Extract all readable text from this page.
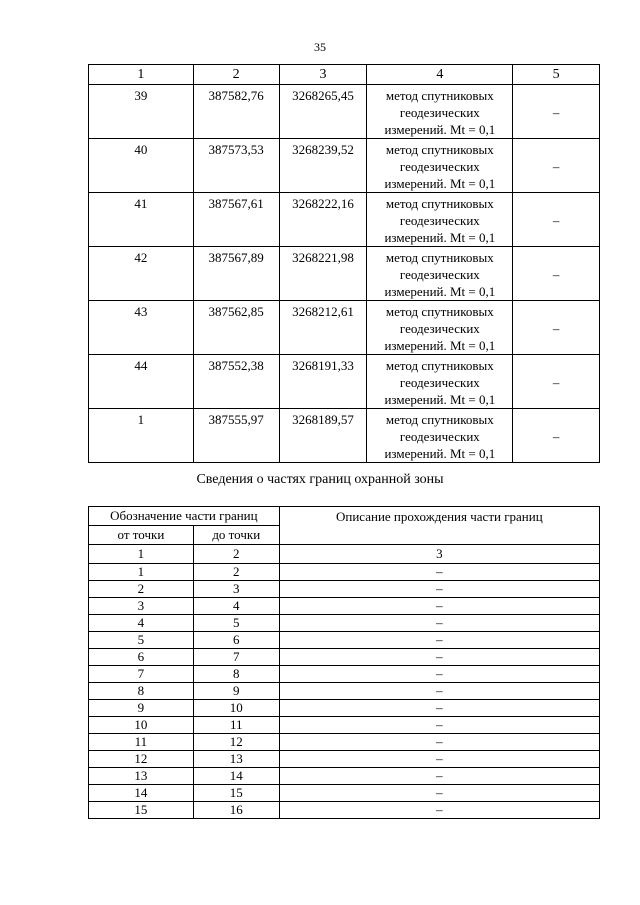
35
1	2	3	4	5
39	387582,76	3268265,45	метод спутниковых
геодезических
измерений. Mt = 0,1	–
40	387573,53	3268239,52	метод спутниковых
геодезических
измерений. Mt = 0,1	–
41	387567,61	3268222,16	метод спутниковых
геодезических
измерений. Mt = 0,1	–
42	387567,89	3268221,98	метод спутниковых
геодезических
измерений. Mt = 0,1	–
43	387562,85	3268212,61	метод спутниковых
геодезических
измерений. Mt = 0,1	–
44	387552,38	3268191,33	метод спутниковых
геодезических
измерений. Mt = 0,1	–
1	387555,97	3268189,57	метод спутниковых
геодезических
измерений. Mt = 0,1	–
Сведения о частях границ охранной зоны
Обозначение части границ		Описание прохождения части границ
от точки	до точки	
1	2	3
1	2	–
2	3	–
3	4	–
4	5	–
5	6	–
6	7	–
7	8	–
8	9	–
9	10	–
10	11	–
11	12	–
12	13	–
13	14	–
14	15	–
15	16	–
